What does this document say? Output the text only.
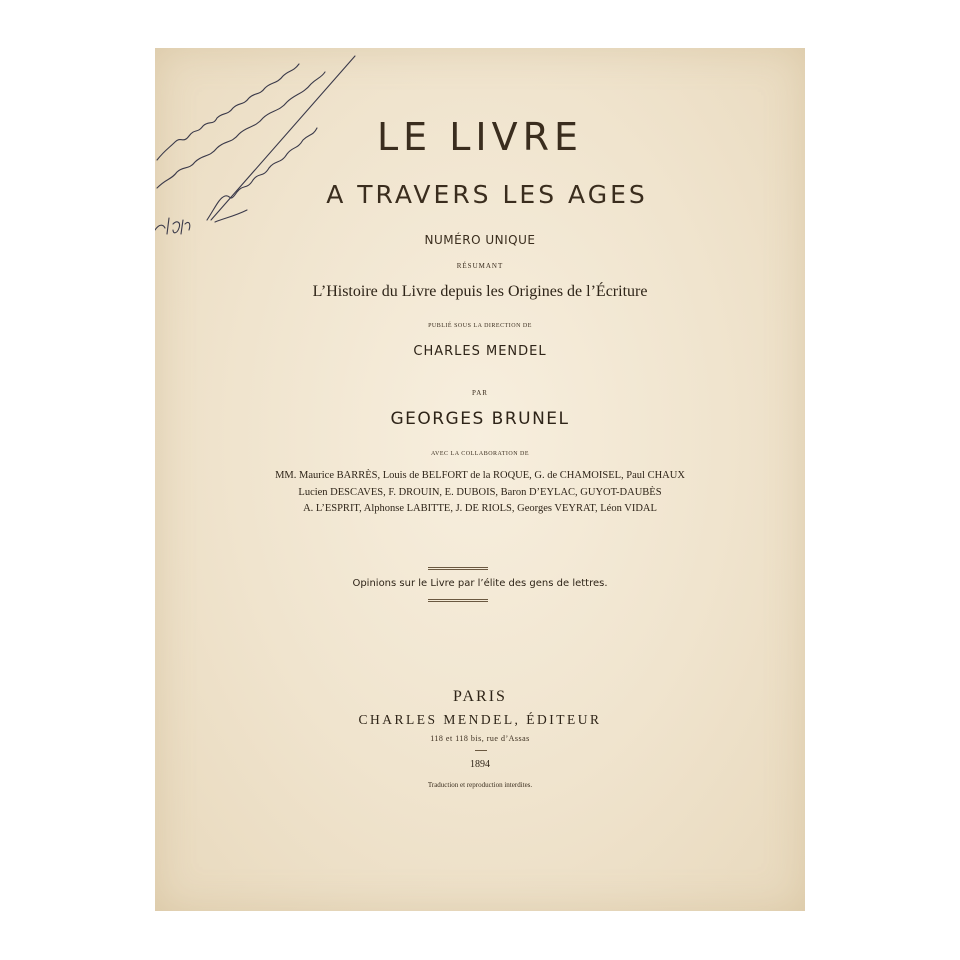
LE LIVRE
A TRAVERS LES AGES
NUMÉRO UNIQUE
RÉSUMANT
L’Histoire du Livre depuis les Origines de l’Écriture
PUBLIÉ SOUS LA DIRECTION DE
CHARLES MENDEL
PAR
GEORGES BRUNEL
AVEC LA COLLABORATION DE
MM. Maurice BARRÈS, Louis de BELFORT de la ROQUE, G. de CHAMOISEL, Paul CHAUX
Lucien DESCAVES, F. DROUIN, E. DUBOIS, Baron D’EYLAC, GUYOT-DAUBÈS
A. L’ESPRIT, Alphonse LABITTE, J. DE RIOLS, Georges VEYRAT, Léon VIDAL
Opinions sur le Livre par l’élite des gens de lettres.
PARIS
CHARLES MENDEL, ÉDITEUR
118 et 118 bis, rue d’Assas
1894
Traduction et reproduction interdites.
